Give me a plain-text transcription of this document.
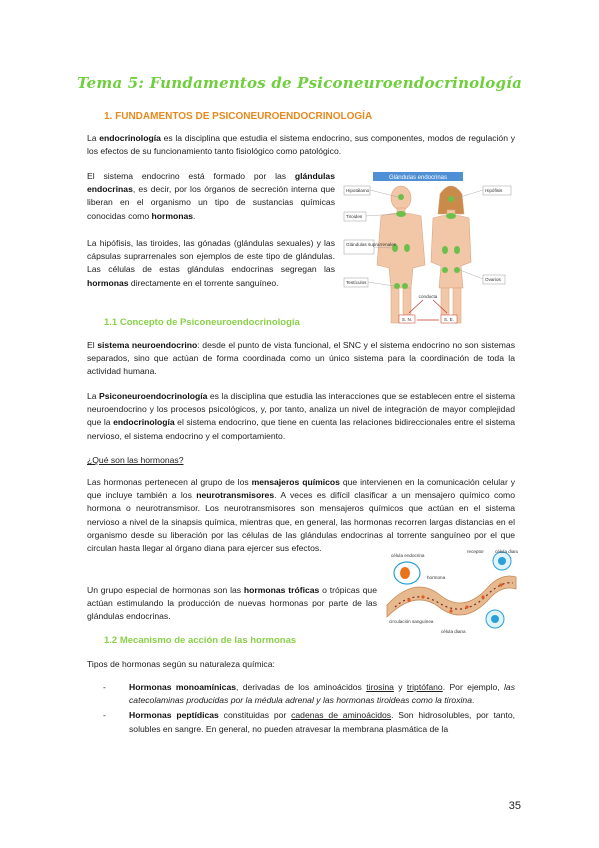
Tema 5: Fundamentos de Psiconeuroendocrinología
1. FUNDAMENTOS DE PSICONEUROENDOCRINOLOGÍA

La endocrinología es la disciplina que estudia el sistema endocrino, sus componentes, modos de regulación y los efectos de su funcionamiento tanto fisiológico como patológico.

El sistema endocrino está formado por las glándulas endocrinas, es decir, por los órganos de secreción interna que liberan en el organismo un tipo de sustancias químicas conocidas como hormonas.

La hipófisis, las tiroides, las gónadas (glándulas sexuales) y las cápsulas suprarrenales son ejemplos de este tipo de glándulas. Las células de estas glándulas endocrinas segregan las hormonas directamente en el torrente sanguíneo.

Glándulas endocrinas
Hipotálamo
Tiroides
Glándulas suprarrenales
Testículos
Hipófisis
Ovarios
conducta
S. N.	S. E.
1.1 Concepto de Psiconeuroendocrinología

El sistema neuroendocrino: desde el punto de vista funcional, el SNC y el sistema endocrino no son sistemas separados, sino que actúan de forma coordinada como un único sistema para la coordinación de toda la actividad humana.

La Psiconeuroendocrinología es la disciplina que estudia las interacciones que se establecen entre el sistema neuroendocrino y los procesos psicológicos, y, por tanto, analiza un nivel de integración de mayor complejidad que la endocrinología el sistema endocrino, que tiene en cuenta las relaciones bidireccionales entre el sistema nervioso, el sistema endocrino y el comportamiento.

¿Qué son las hormonas?

Las hormonas pertenecen al grupo de los mensajeros químicos que intervienen en la comunicación celular y que incluye también a los neurotransmisores. A veces es difícil clasificar a un mensajero químico como hormona o neurotransmisor. Los neurotransmisores son mensajeros químicos que actúan en el sistema nervioso a nivel de la sinapsis química, mientras que, en general, las hormonas recorren largas distancias en el organismo desde su liberación por las células de las glándulas endocrinas al torrente sanguíneo por el que circulan hasta llegar al órgano diana para ejercer sus efectos.

Un grupo especial de hormonas son las hormonas tróficas o trópicas que actúan estimulando la producción de nuevas hormonas por parte de las glándulas endocrinas.

célula endocrina
receptor célula diana
hormona
circulación sanguínea
célula diana
1.2 Mecanismo de acción de las hormonas

Tipos de hormonas según su naturaleza química:

-	Hormonas monoamínicas, derivadas de los aminoácidos tirosina y triptófano. Por ejemplo, las catecolaminas producidas por la médula adrenal y las hormonas tiroideas como la tiroxina.
-	Hormonas peptídicas constituidas por cadenas de aminoácidos. Son hidrosolubles, por tanto, solubles en sangre. En general, no pueden atravesar la membrana plasmática de la
35
